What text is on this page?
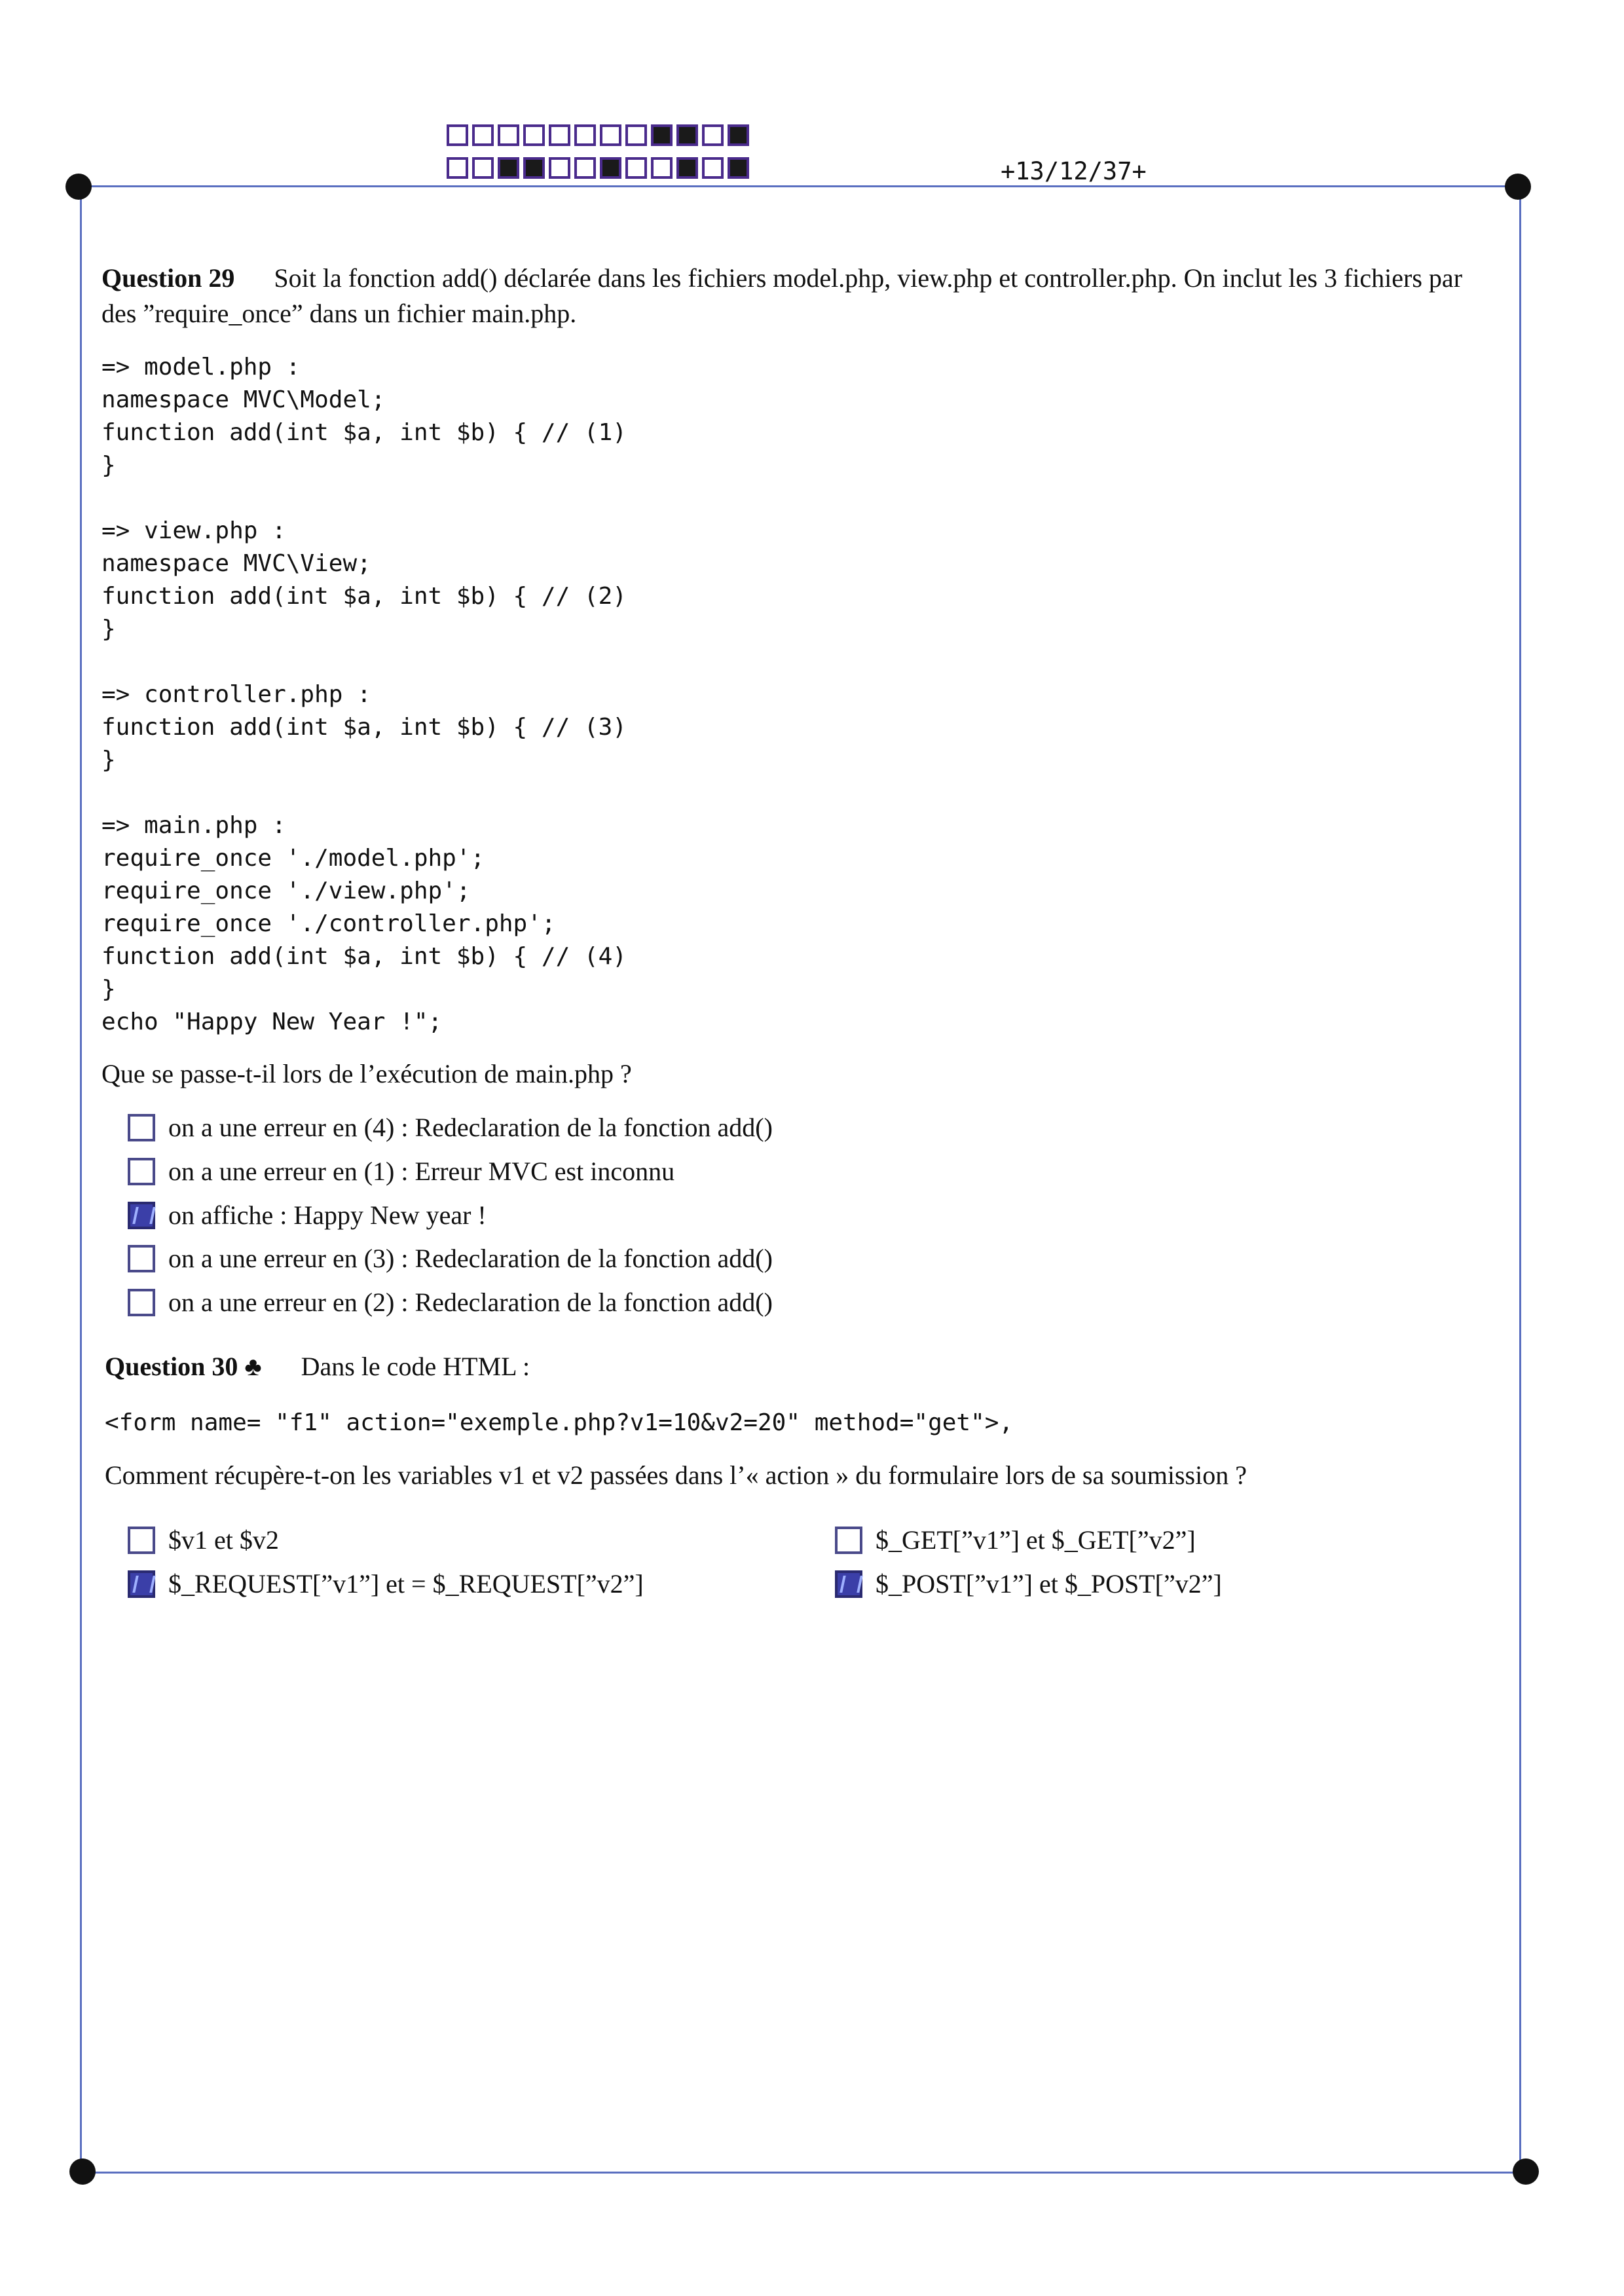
+13/12/37+
Question 29 Soit la fonction add() déclarée dans les fichiers model.php, view.php et controller.php. On inclut les 3 fichiers par des ”require_once” dans un fichier main.php.
=> model.php :
namespace MVC\Model;
function add(int $a, int $b) { // (1)
}
=> view.php :
namespace MVC\View;
function add(int $a, int $b) { // (2)
}
=> controller.php :
function add(int $a, int $b) { // (3)
}
=> main.php :
require_once './model.php';
require_once './view.php';
require_once './controller.php';
function add(int $a, int $b) { // (4)
}
echo "Happy New Year !";
Que se passe-t-il lors de l’exécution de main.php ?
on a une erreur en (4) : Redeclaration de la fonction add()
on a une erreur en (1) : Erreur MVC est inconnu
on affiche : Happy New year !
on a une erreur en (3) : Redeclaration de la fonction add()
on a une erreur en (2) : Redeclaration de la fonction add()
Question 30 ♣ Dans le code HTML :
<form name= "f1" action="exemple.php?v1=10&v2=20" method="get">,
Comment récupère-t-on les variables v1 et v2 passées dans l’« action » du formulaire lors de sa soumission ?
$v1 et $v2	$_GET[”v1”] et $_GET[”v2”]
$_REQUEST[”v1”] et = $_REQUEST[”v2”]	$_POST[”v1”] et $_POST[”v2”]
